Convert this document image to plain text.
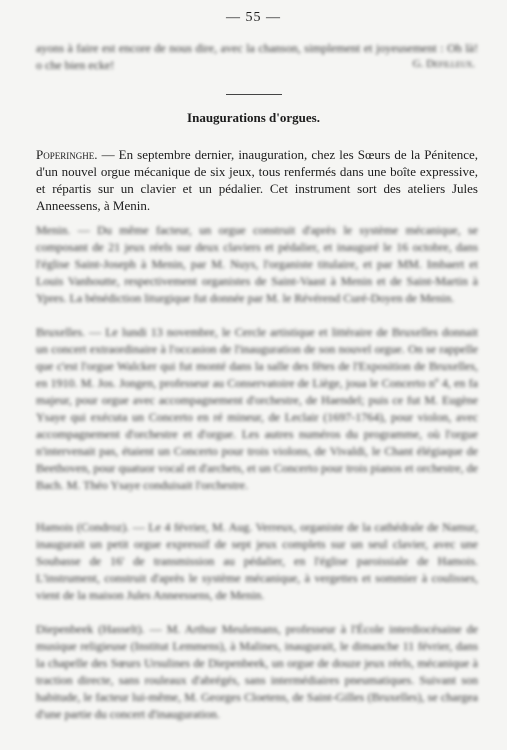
— 55 —

ayons à faire est encore de nous dire, avec la chanson, simplement et joyeusement : Oh là! o che bien ecke!	G. Defilleux.
Inaugurations d'orgues.

Poperinghe. — En septembre dernier, inauguration, chez les Sœurs de la Pénitence, d'un nouvel orgue mécanique de six jeux, tous renfermés dans une boîte expressive, et répartis sur un clavier et un pédalier. Cet instrument sort des ateliers Jules Anneessens, à Menin.

Menin. — Du même facteur, un orgue construit d'après le système mécanique, se composant de 21 jeux réels sur deux claviers et pédalier, et inauguré le 16 octobre, dans l'église Saint-Joseph à Menin, par M. Nuys, l'organiste titulaire, et par MM. Imbaert et Louis Vanhoutte, respectivement organistes de Saint-Vaast à Menin et de Saint-Martin à Ypres. La bénédiction liturgique fut donnée par M. le Révérend Curé-Doyen de Menin.

Bruxelles. — Le lundi 13 novembre, le Cercle artistique et littéraire de Bruxelles donnait un concert extraordinaire à l'occasion de l'inauguration de son nouvel orgue. On se rappelle que c'est l'orgue Walcker qui fut monté dans la salle des fêtes de l'Exposition de Bruxelles, en 1910. M. Jos. Jongen, professeur au Conservatoire de Liège, joua le Concerto nº 4, en fa majeur, pour orgue avec accompagnement d'orchestre, de Haendel; puis ce fut M. Eugène Ysaye qui exécuta un Concerto en ré mineur, de Leclair (1697-1764), pour violon, avec accompagnement d'orchestre et d'orgue. Les autres numéros du programme, où l'orgue n'intervenait pas, étaient un Concerto pour trois violons, de Vivaldi, le Chant élégiaque de Beethoven, pour quatuor vocal et d'archets, et un Concerto pour trois pianos et orchestre, de Bach. M. Théo Ysaye conduisait l'orchestre.

Hamois (Condroz). — Le 4 février, M. Aug. Verreux, organiste de la cathédrale de Namur, inaugurait un petit orgue expressif de sept jeux complets sur un seul clavier, avec une Soubasse de 16' de transmission au pédalier, en l'église paroissiale de Hamois. L'instrument, construit d'après le système mécanique, à vergettes et sommier à coulisses, vient de la maison Jules Anneessens, de Menin.

Diepenbeek (Hasselt). — M. Arthur Meulemans, professeur à l'École interdiocésaine de musique religieuse (Institut Lemmens), à Malines, inaugurait, le dimanche 11 février, dans la chapelle des Sœurs Ursulines de Diepenbeek, un orgue de douze jeux réels, mécanique à traction directe, sans rouleaux d'abrégés, sans intermédiaires pneumatiques. Suivant son habitude, le facteur lui-même, M. Georges Cloetens, de Saint-Gilles (Bruxelles), se chargea d'une partie du concert d'inauguration.
